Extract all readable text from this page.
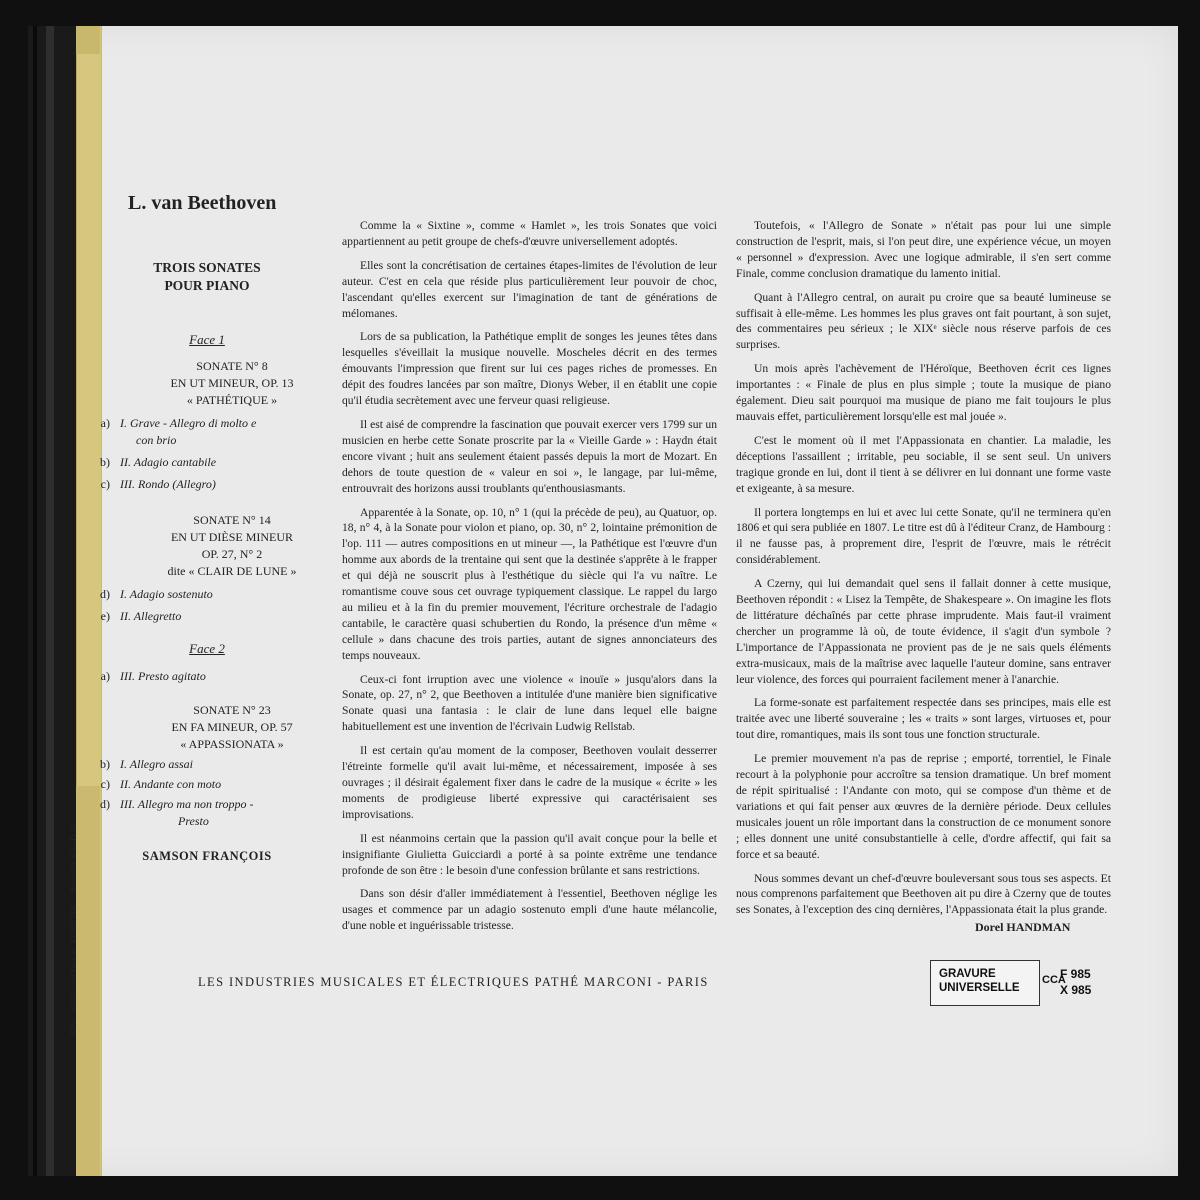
IDN · Made in France "LUXETUI" · Breveté S.G.D.G.
L. van Beethoven
TROIS SONATES
POUR PIANO
Face 1
SONATE N° 8
EN UT MINEUR, OP. 13
« PATHÉTIQUE »
a) I. Grave - Allegro di molto e
con brio
b) II. Adagio cantabile
c) III. Rondo (Allegro)
SONATE N° 14
EN UT DIÈSE MINEUR
OP. 27, N° 2
dite « CLAIR DE LUNE »
d) I. Adagio sostenuto
e) II. Allegretto
Face 2
a) III. Presto agitato
SONATE N° 23
EN FA MINEUR, OP. 57
« APPASSIONATA »
b) I. Allegro assai
c) II. Andante con moto
d) III. Allegro ma non troppo -
Presto
SAMSON FRANÇOIS

Comme la « Sixtine », comme « Hamlet », les trois Sonates que voici appartiennent au petit groupe de chefs-d'œuvre universellement adoptés.

Elles sont la concrétisation de certaines étapes-limites de l'évolution de leur auteur. C'est en cela que réside plus particulièrement leur pouvoir de choc, l'ascendant qu'elles exercent sur l'imagination de tant de générations de mélomanes.

Lors de sa publication, la Pathétique emplit de songes les jeunes têtes dans lesquelles s'éveillait la musique nouvelle. Moscheles décrit en des termes émouvants l'impression que firent sur lui ces pages riches de promesses. En dépit des foudres lancées par son maître, Dionys Weber, il en établit une copie qu'il étudia secrètement avec une ferveur quasi religieuse.

Il est aisé de comprendre la fascination que pouvait exercer vers 1799 sur un musicien en herbe cette Sonate proscrite par la « Vieille Garde » : Haydn était encore vivant ; huit ans seulement étaient passés depuis la mort de Mozart. En dehors de toute question de « valeur en soi », le langage, par lui-même, entrouvrait des horizons aussi troublants qu'enthousiasmants.

Apparentée à la Sonate, op. 10, n° 1 (qui la précède de peu), au Quatuor, op. 18, n° 4, à la Sonate pour violon et piano, op. 30, n° 2, lointaine prémonition de l'op. 111 — autres compositions en ut mineur —, la Pathétique est l'œuvre d'un homme aux abords de la trentaine qui sent que la destinée s'apprête à le frapper et qui déjà ne souscrit plus à l'esthétique du siècle qui l'a vu naître. Le romantisme couve sous cet ouvrage typiquement classique. Le rappel du largo au milieu et à la fin du premier mouvement, l'écriture orchestrale de l'adagio cantabile, le caractère quasi schubertien du Rondo, la présence d'un même « cellule » dans chacune des trois parties, autant de signes annonciateurs des temps nouveaux.

Ceux-ci font irruption avec une violence « inouïe » jusqu'alors dans la Sonate, op. 27, n° 2, que Beethoven a intitulée d'une manière bien significative Sonate quasi una fantasia : le clair de lune dans lequel elle baigne habituellement est une invention de l'écrivain Ludwig Rellstab.

Il est certain qu'au moment de la composer, Beethoven voulait desserrer l'étreinte formelle qu'il avait lui-même, et nécessairement, imposée à ses ouvrages ; il désirait également fixer dans le cadre de la musique « écrite » les moments de prodigieuse liberté expressive qui caractérisaient ses improvisations.

Il est néanmoins certain que la passion qu'il avait conçue pour la belle et insignifiante Giulietta Guicciardi a porté à sa pointe extrême une tendance profonde de son être : le besoin d'une confession brûlante et sans restrictions.

Dans son désir d'aller immédiatement à l'essentiel, Beethoven néglige les usages et commence par un adagio sostenuto empli d'une haute mélancolie, d'une noble et inguérissable tristesse.

Toutefois, « l'Allegro de Sonate » n'était pas pour lui une simple construction de l'esprit, mais, si l'on peut dire, une expérience vécue, un moyen « personnel » d'expression. Avec une logique admirable, il s'en sert comme Finale, comme conclusion dramatique du lamento initial.

Quant à l'Allegro central, on aurait pu croire que sa beauté lumineuse se suffisait à elle-même. Les hommes les plus graves ont fait pourtant, à son sujet, des commentaires peu sérieux ; le XIXᵉ siècle nous réserve parfois de ces surprises.

Un mois après l'achèvement de l'Héroïque, Beethoven écrit ces lignes importantes : « Finale de plus en plus simple ; toute la musique de piano également. Dieu sait pourquoi ma musique de piano me fait toujours le plus mauvais effet, particulièrement lorsqu'elle est mal jouée ».

C'est le moment où il met l'Appassionata en chantier. La maladie, les déceptions l'assaillent ; irritable, peu sociable, il se sent seul. Un univers tragique gronde en lui, dont il tient à se délivrer en lui donnant une forme vaste et exigeante, à sa mesure.

Il portera longtemps en lui et avec lui cette Sonate, qu'il ne terminera qu'en 1806 et qui sera publiée en 1807. Le titre est dû à l'éditeur Cranz, de Hambourg : il ne fausse pas, à proprement dire, l'esprit de l'œuvre, mais le rétrécit considérablement.

A Czerny, qui lui demandait quel sens il fallait donner à cette musique, Beethoven répondit : « Lisez la Tempête, de Shakespeare ». On imagine les flots de littérature déchaînés par cette phrase imprudente. Mais faut-il vraiment chercher un programme là où, de toute évidence, il s'agit d'un symbole ? L'importance de l'Appassionata ne provient pas de je ne sais quels éléments extra-musicaux, mais de la maîtrise avec laquelle l'auteur domine, sans entraver leur violence, des forces qui pourraient facilement mener à l'anarchie.

La forme-sonate est parfaitement respectée dans ses principes, mais elle est traitée avec une liberté souveraine ; les « traits » sont larges, virtuoses et, pour tout dire, romantiques, mais ils sont tous une fonction structurale.

Le premier mouvement n'a pas de reprise ; emporté, torrentiel, le Finale recourt à la polyphonie pour accroître sa tension dramatique. Un bref moment de répit spiritualisé : l'Andante con moto, qui se compose d'un thème et de variations et qui fait penser aux œuvres de la dernière période. Deux cellules musicales jouent un rôle important dans la construction de ce monument sonore ; elles donnent une unité consubstantielle à celle, d'ordre affectif, qui fait sa force et sa beauté.

Nous sommes devant un chef-d'œuvre bouleversant sous tous ses aspects. Et nous comprenons parfaitement que Beethoven ait pu dire à Czerny que de toutes ses Sonates, à l'exception des cinq dernières, l'Appassionata était la plus grande.

Dorel HANDMAN
LES INDUSTRIES MUSICALES ET ÉLECTRIQUES PATHÉ MARCONI - PARIS
GRAVURE
UNIVERSELLE
CCA
F 985
X 985
